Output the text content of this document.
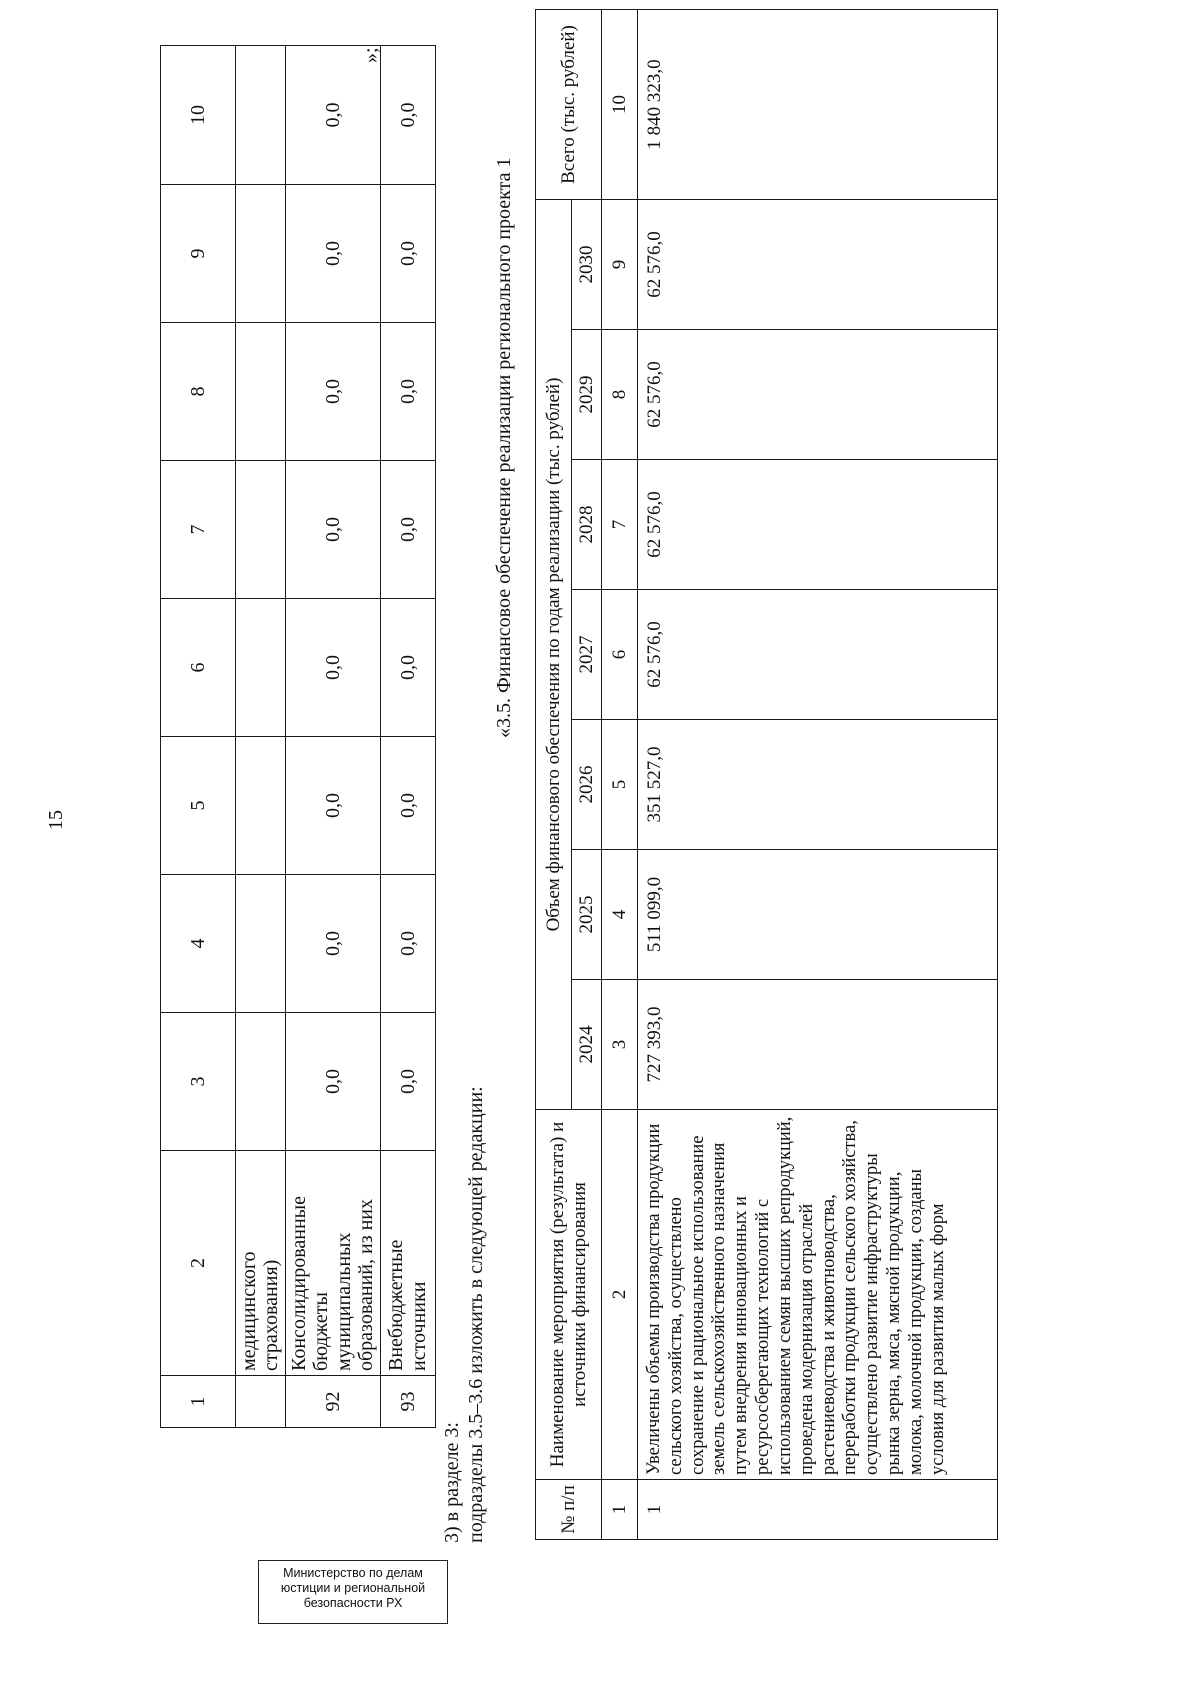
15
1	2	3	4	5	6	7	8	9	10
	медицинского страхования)								
92	Консолидированные бюджеты муниципальных образований, из них	0,0	0,0	0,0	0,0	0,0	0,0	0,0	0,0
93	Внебюджетные источники	0,0	0,0	0,0	0,0	0,0	0,0	0,0	0,0
»;
3) в разделе 3: подразделы 3.5–3.6 изложить в следующей редакции:
«3.5. Финансовое обеспечение реализации регионального проекта 1
№ п/п	Наименование мероприятия (результата) и источники финансирования	Объем финансового обеспечения по годам реализации (тыс. рублей)							Всего (тыс. рублей)
		2024	2025	2026	2027	2028	2029	2030	
1	2	3	4	5	6	7	8	9	10
1	Увеличены объемы производства продукции сельского хозяйства, осуществлено сохранение и рациональное использование земель сельскохозяйственного назначения путем внедрения инновационных и ресурсосберегающих технологий с использованием семян высших репродукций, проведена модернизация отраслей растениеводства и животноводства, переработки продукции сельского хозяйства, осуществлено развитие инфраструктуры рынка зерна, мяса, мясной продукции, молока, молочной продукции, созданы условия для развития малых форм	727 393,0	511 099,0	351 527,0	62 576,0	62 576,0	62 576,0	62 576,0	1 840 323,0
Министерство по делам юстиции и региональной безопасности РХ
